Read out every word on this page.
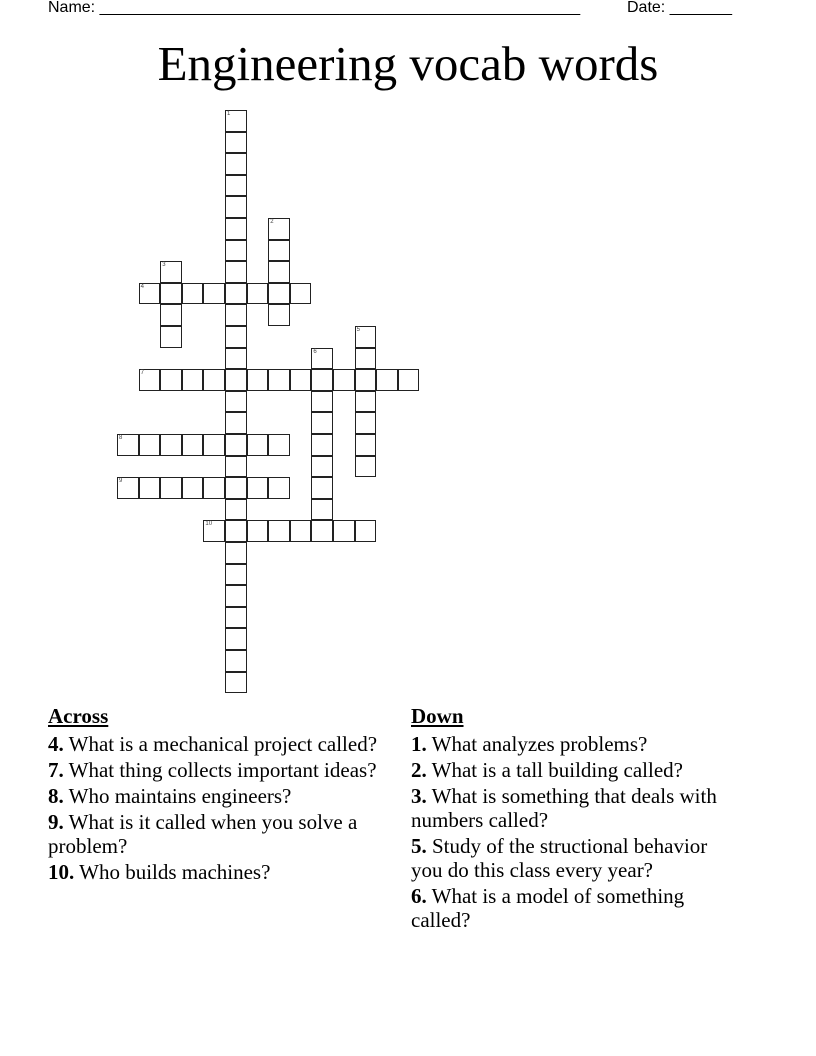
Name: ______________________________________________________	Date: _______
Engineering vocab words
1
2
3
4
5
6
7
8
9
10
Across
4. What is a mechanical project called?
7. What thing collects important ideas?
8. Who maintains engineers?
9. What is it called when you solve a problem?
10. Who builds machines?
Down
1. What analyzes problems?
2. What is a tall building called?
3. What is something that deals with numbers called?
5. Study of the structional behavior you do this class every year?
6. What is a model of something called?
